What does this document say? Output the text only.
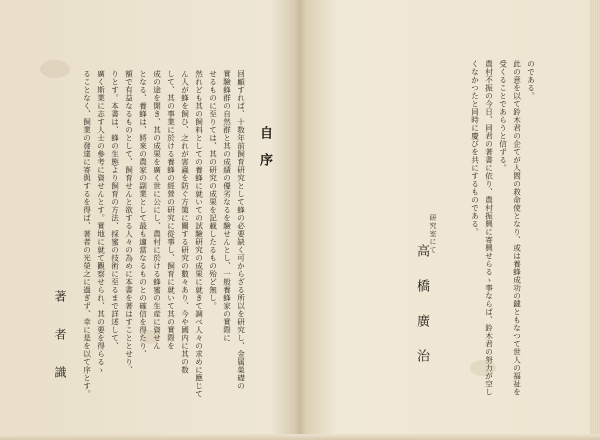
自序
回顧すれば、十数年前飼育研究として蜂の必要缺く可からざる所以を研究し、金属巣礎の
實驗蜂群の自然群と其の成績の優劣なるを驗せんとし、一般養蜂家の實際に
せるものに至りては、其の研究の成果を記載したるもの殆ど無し。
然れども其の飼料としての養蜂に就いての試驗研究の成果に就きて調べ人々の求めに應じて
ん人が蜂を飼ひ、之れが害蟲を防ぐ方策に關する研究の數々あり、今や國内に其の数
して、其の事業に於ける養蜂の經營の研究に從事し、飼育に就いて其の實際を
成の途を開き、其の成果を廣く世に公にし、農村に於ける蜂蜜の生産に資せん
となる、養蜂は、將來の農家の副業として最も適當なるものとの確信を得たり、
額で有益なるものとして、飼育せんと欲する人々の為めに本書を著はすこととせり、
りとす。本書は、蜂の生態より飼育の方法、採蜜の技術に至るまで詳述して、
廣く斯業に志す人士の參考に資せんとす。實地に就て觀察せられ、其の要を得らるゝ
ることなく、飼業の發達に寄與するを得ば、著者の光榮之に過ぎず、幸に是を以て序とす。
著者識
のである。
此の意を以て鈴木君の企てが人間の救命使となり、或は養蜂成功の鍵ともなつて世人の福祉を
受くることであらうと信ずる。
農村不振の今日、同君の著書に依り、農村振興に寄興せらるゝ事ならば、鈴木君の努力が空し
くなかつたと同時に慶びを共にするものである。
研究室にて
高橋廣治
